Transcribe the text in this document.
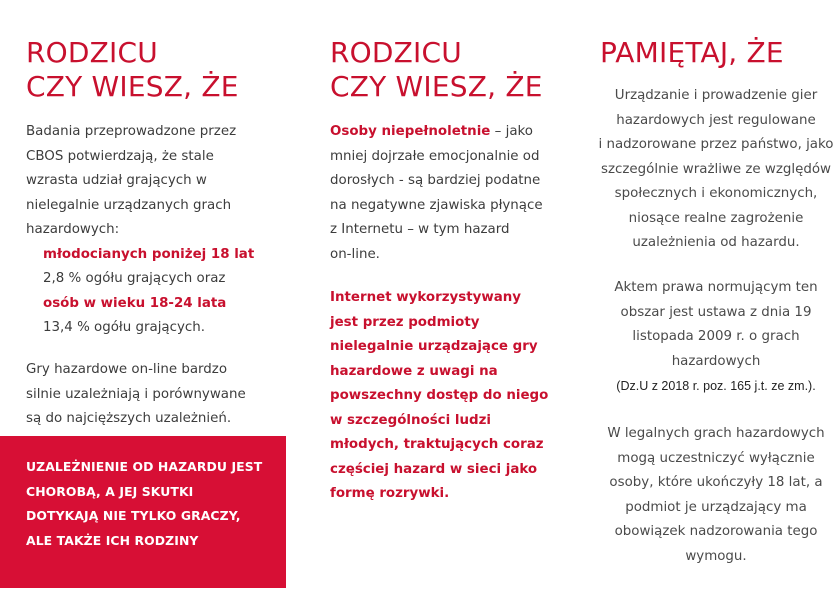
RODZICU
CZY WIESZ, ŻE
Badania przeprowadzone przez
CBOS potwierdzają, że stale
wzrasta udział grających w
nielegalnie urządzanych grach
hazardowych:
młodocianych poniżej 18 lat
2,8 % ogółu grających oraz
osób w wieku 18-24 lata
13,4 % ogółu grających.
Gry hazardowe on-line bardzo
silnie uzależniają i porównywane
są do najcięższych uzależnień.
UZALEŻNIENIE OD HAZARDU JEST
CHOROBĄ, A JEJ SKUTKI
DOTYKAJĄ NIE TYLKO GRACZY,
ALE TAKŻE ICH RODZINY
RODZICU
CZY WIESZ, ŻE
Osoby niepełnoletnie – jako
mniej dojrzałe emocjonalnie od
dorosłych - są bardziej podatne
na negatywne zjawiska płynące
z Internetu – w tym hazard
on-line.
Internet wykorzystywany
jest przez podmioty
nielegalnie urządzające gry
hazardowe z uwagi na
powszechny dostęp do niego
w szczególności ludzi
młodych, traktujących coraz
częściej hazard w sieci jako
formę rozrywki.
PAMIĘTAJ, ŻE
Urządzanie i prowadzenie gier
hazardowych jest regulowane
i nadzorowane przez państwo, jako
szczególnie wrażliwe ze względów
społecznych i ekonomicznych,
niosące realne zagrożenie
uzależnienia od hazardu.
Aktem prawa normującym ten
obszar jest ustawa z dnia 19
listopada 2009 r. o grach
hazardowych
(Dz.U z 2018 r. poz. 165 j.t. ze zm.).
W legalnych grach hazardowych
mogą uczestniczyć wyłącznie
osoby, które ukończyły 18 lat, a
podmiot je urządzający ma
obowiązek nadzorowania tego
wymogu.
